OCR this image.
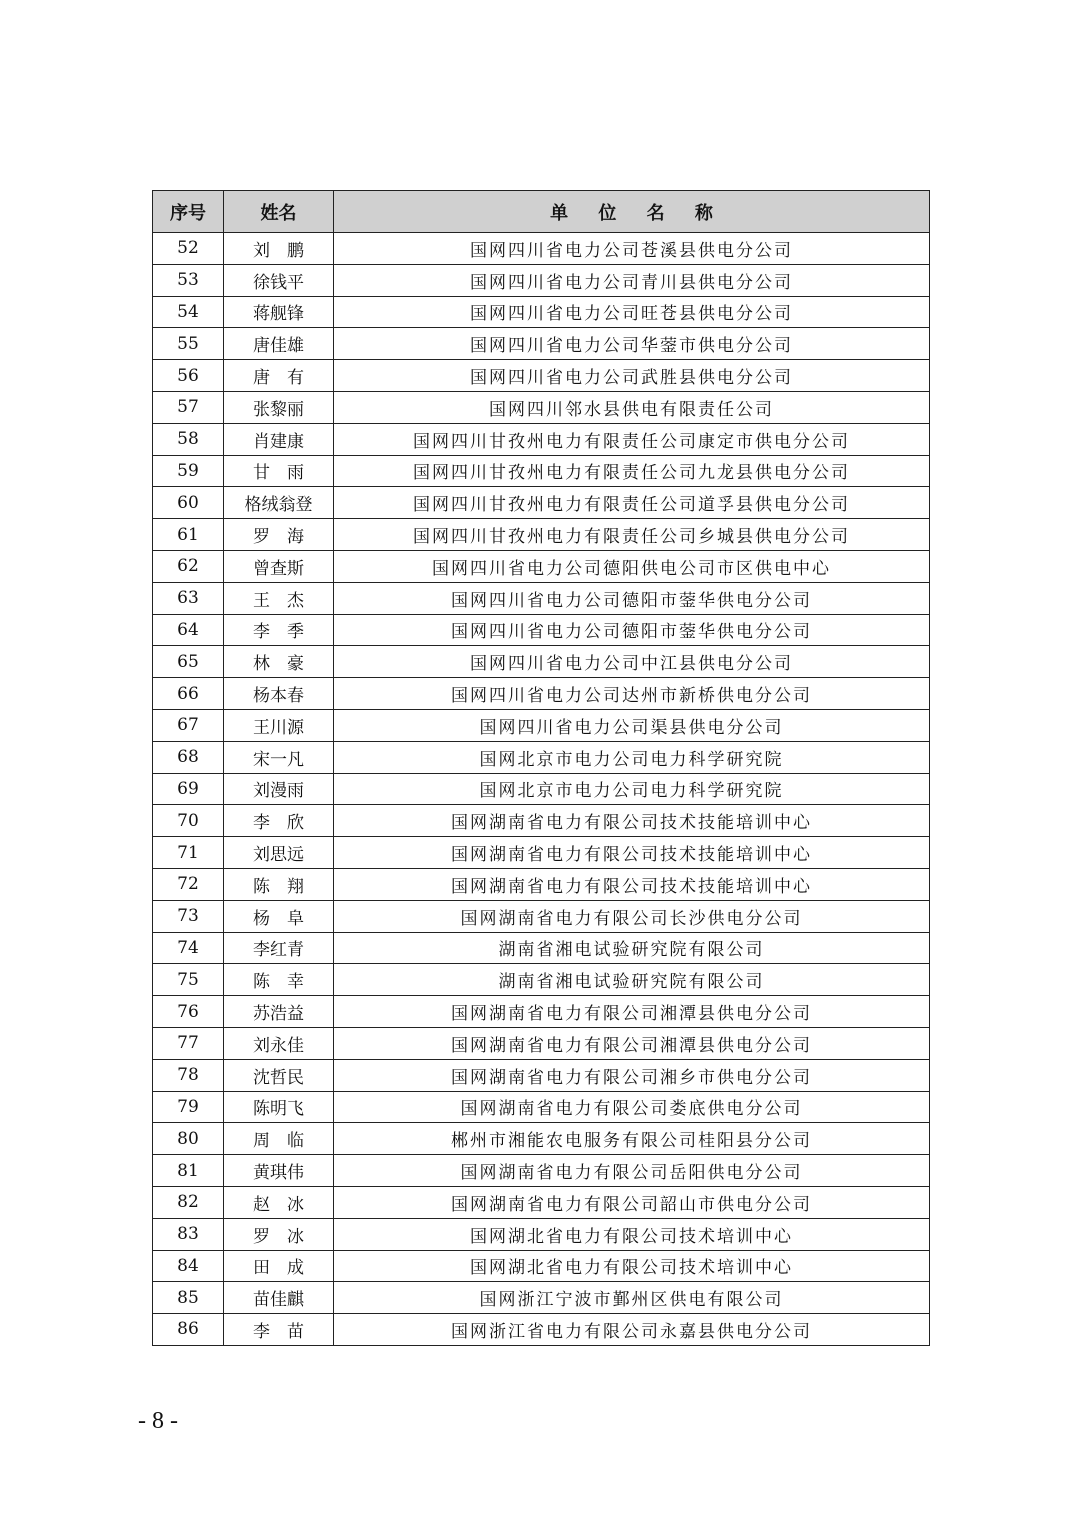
序号	姓名	单 位 名 称
52	刘　鹏	国网四川省电力公司苍溪县供电分公司
53	徐钱平	国网四川省电力公司青川县供电分公司
54	蒋舰锋	国网四川省电力公司旺苍县供电分公司
55	唐佳雄	国网四川省电力公司华蓥市供电分公司
56	唐　有	国网四川省电力公司武胜县供电分公司
57	张黎丽	国网四川邻水县供电有限责任公司
58	肖建康	国网四川甘孜州电力有限责任公司康定市供电分公司
59	甘　雨	国网四川甘孜州电力有限责任公司九龙县供电分公司
60	格绒翁登	国网四川甘孜州电力有限责任公司道孚县供电分公司
61	罗　海	国网四川甘孜州电力有限责任公司乡城县供电分公司
62	曾查斯	国网四川省电力公司德阳供电公司市区供电中心
63	王　杰	国网四川省电力公司德阳市蓥华供电分公司
64	李　季	国网四川省电力公司德阳市蓥华供电分公司
65	林　豪	国网四川省电力公司中江县供电分公司
66	杨本春	国网四川省电力公司达州市新桥供电分公司
67	王川源	国网四川省电力公司渠县供电分公司
68	宋一凡	国网北京市电力公司电力科学研究院
69	刘漫雨	国网北京市电力公司电力科学研究院
70	李　欣	国网湖南省电力有限公司技术技能培训中心
71	刘思远	国网湖南省电力有限公司技术技能培训中心
72	陈　翔	国网湖南省电力有限公司技术技能培训中心
73	杨　阜	国网湖南省电力有限公司长沙供电分公司
74	李红青	湖南省湘电试验研究院有限公司
75	陈　幸	湖南省湘电试验研究院有限公司
76	苏浩益	国网湖南省电力有限公司湘潭县供电分公司
77	刘永佳	国网湖南省电力有限公司湘潭县供电分公司
78	沈哲民	国网湖南省电力有限公司湘乡市供电分公司
79	陈明飞	国网湖南省电力有限公司娄底供电分公司
80	周　临	郴州市湘能农电服务有限公司桂阳县分公司
81	黄琪伟	国网湖南省电力有限公司岳阳供电分公司
82	赵　冰	国网湖南省电力有限公司韶山市供电分公司
83	罗　冰	国网湖北省电力有限公司技术培训中心
84	田　成	国网湖北省电力有限公司技术培训中心
85	苗佳麒	国网浙江宁波市鄞州区供电有限公司
86	李　苗	国网浙江省电力有限公司永嘉县供电分公司
- 8 -
